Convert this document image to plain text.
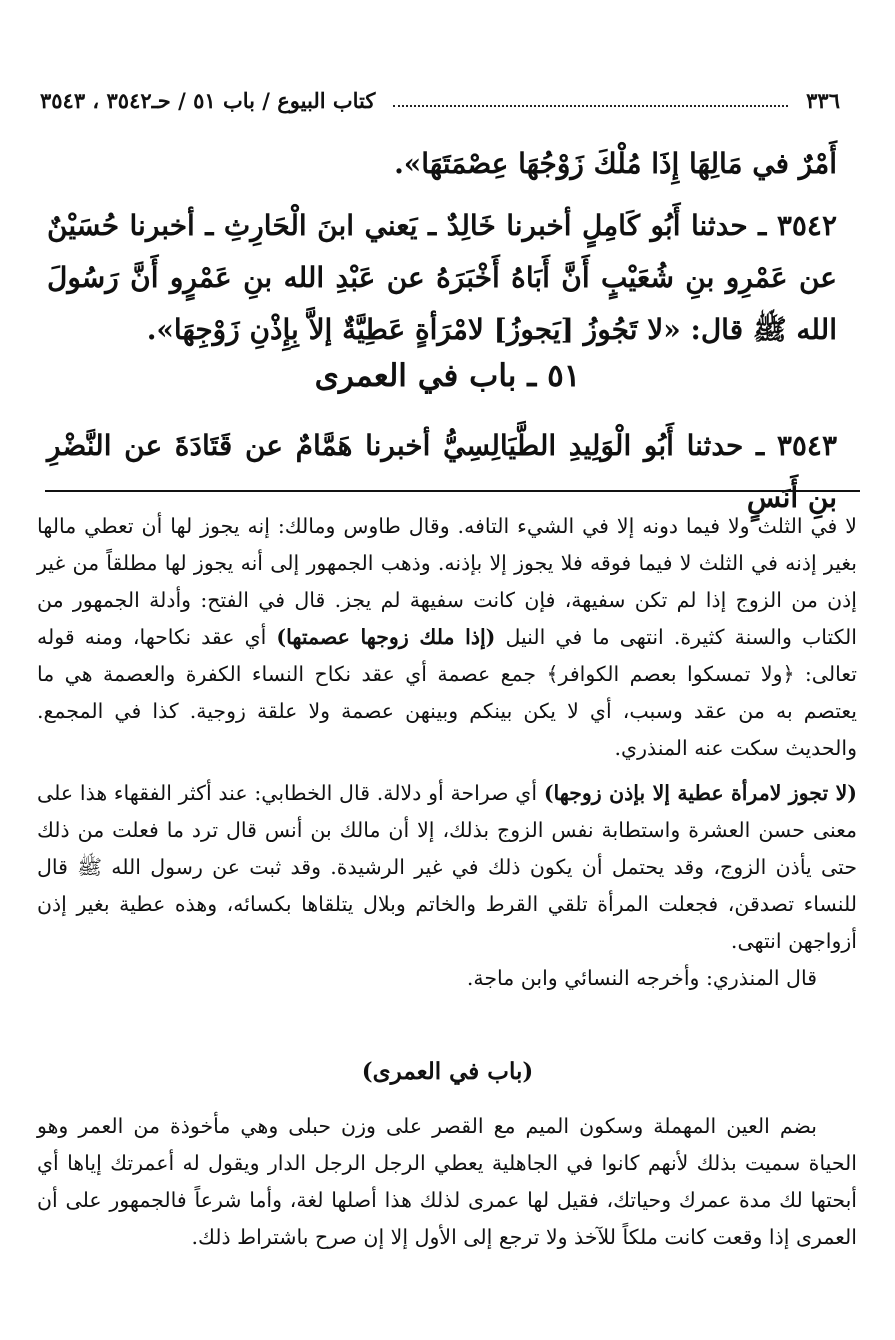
٣٣٦
كتاب البيوع / باب ٥١ / حـ٣٥٤٢ ، ٣٥٤٣
أَمْرٌ في مَالِهَا إِذَا مُلْكَ زَوْجُهَا عِصْمَتَهَا».
٣٥٤٢ ـ حدثنا أَبُو كَامِلٍ أخبرنا خَالِدٌ ـ يَعني ابنَ الْحَارِثِ ـ أخبرنا حُسَيْنٌ عن عَمْرِو بنِ شُعَيْبٍ أَنَّ أَبَاهُ أَخْبَرَهُ عن عَبْدِ الله بنِ عَمْرٍو أَنَّ رَسُولَ الله ﷺ قال: «لا تَجُوزُ [يَجوزُ] لامْرَأةٍ عَطِيَّةٌ إلاَّ بِإِذْنِ زَوْجِهَا».
٥١ ـ باب في العمرى
٣٥٤٣ ـ حدثنا أَبُو الْوَلِيدِ الطَّيَالِسِيُّ أخبرنا هَمَّامٌ عن قَتَادَةَ عن النَّضْرِ بنِ أَنَسٍ

لا في الثلث ولا فيما دونه إلا في الشيء التافه. وقال طاوس ومالك: إنه يجوز لها أن تعطي مالها بغير إذنه في الثلث لا فيما فوقه فلا يجوز إلا بإذنه. وذهب الجمهور إلى أنه يجوز لها مطلقاً من غير إذن من الزوج إذا لم تكن سفيهة، فإن كانت سفيهة لم يجز. قال في الفتح: وأدلة الجمهور من الكتاب والسنة كثيرة. انتهى ما في النيل (إذا ملك زوجها عصمتها) أي عقد نكاحها، ومنه قوله تعالى: ﴿ولا تمسكوا بعصم الكوافر﴾ جمع عصمة أي عقد نكاح النساء الكفرة والعصمة هي ما يعتصم به من عقد وسبب، أي لا يكن بينكم وبينهن عصمة ولا علقة زوجية. كذا في المجمع. والحديث سكت عنه المنذري.

(لا تجوز لامرأة عطية إلا بإذن زوجها) أي صراحة أو دلالة. قال الخطابي: عند أكثر الفقهاء هذا على معنى حسن العشرة واستطابة نفس الزوج بذلك، إلا أن مالك بن أنس قال ترد ما فعلت من ذلك حتى يأذن الزوج، وقد يحتمل أن يكون ذلك في غير الرشيدة. وقد ثبت عن رسول الله ﷺ قال للنساء تصدقن، فجعلت المرأة تلقي القرط والخاتم وبلال يتلقاها بكسائه، وهذه عطية بغير إذن أزواجهن انتهى.

قال المنذري: وأخرجه النسائي وابن ماجة.

(باب في العمرى)

بضم العين المهملة وسكون الميم مع القصر على وزن حبلى وهي مأخوذة من العمر وهو الحياة سميت بذلك لأنهم كانوا في الجاهلية يعطي الرجل الرجل الدار ويقول له أعمرتك إياها أي أبحتها لك مدة عمرك وحياتك، فقيل لها عمرى لذلك هذا أصلها لغة، وأما شرعاً فالجمهور على أن العمرى إذا وقعت كانت ملكاً للآخذ ولا ترجع إلى الأول إلا إن صرح باشتراط ذلك.
